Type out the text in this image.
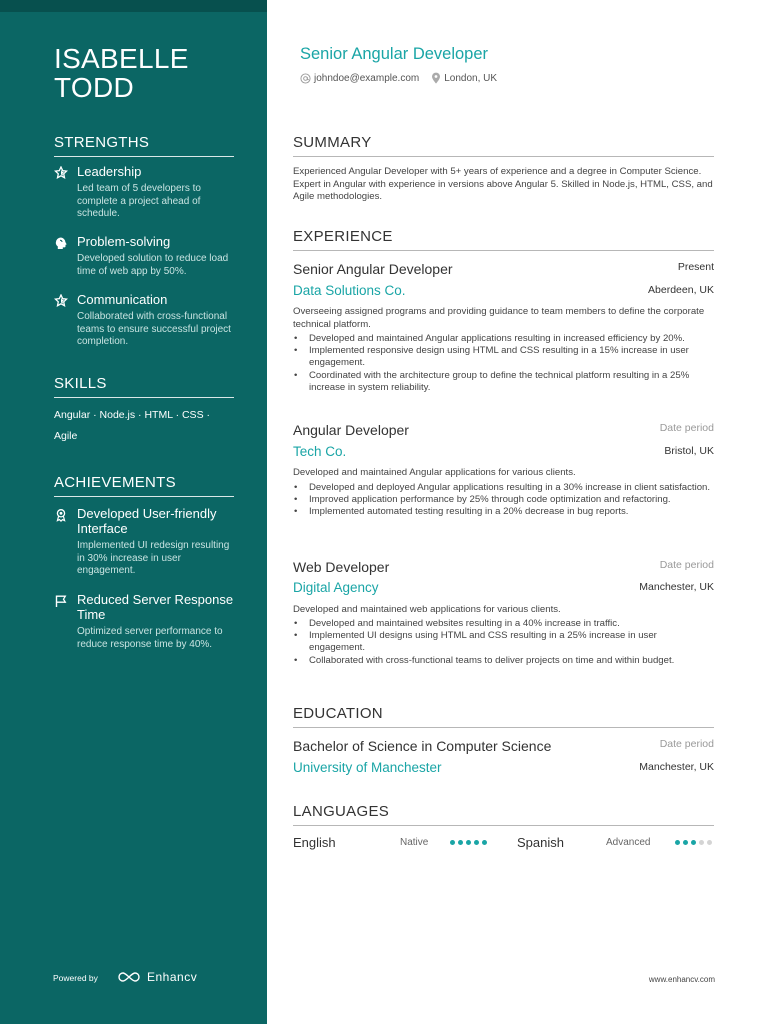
ISABELLE TODD
STRENGTHS
Leadership
Led team of 5 developers to complete a project ahead of schedule.
Problem-solving
Developed solution to reduce load time of web app by 50%.
Communication
Collaborated with cross-functional teams to ensure successful project completion.
SKILLS
Angular · Node.js · HTML · CSS · Agile
ACHIEVEMENTS
Developed User-friendly Interface
Implemented UI redesign resulting in 30% increase in user engagement.
Reduced Server Response Time
Optimized server performance to reduce response time by 40%.
Powered by	Enhancv
Senior Angular Developer
johndoe@example.com	London, UK
SUMMARY
Experienced Angular Developer with 5+ years of experience and a degree in Computer Science. Expert in Angular with experience in versions above Angular 5. Skilled in Node.js, HTML, CSS, and Agile methodologies.
EXPERIENCE
Senior Angular Developer	Present
Data Solutions Co.	Aberdeen, UK
Overseeing assigned programs and providing guidance to team members to define the corporate technical platform.
• Developed and maintained Angular applications resulting in increased efficiency by 20%.
• Implemented responsive design using HTML and CSS resulting in a 15% increase in user engagement.
• Coordinated with the architecture group to define the technical platform resulting in a 25% increase in system reliability.
Angular Developer	Date period
Tech Co.	Bristol, UK
Developed and maintained Angular applications for various clients.
• Developed and deployed Angular applications resulting in a 30% increase in client satisfaction.
• Improved application performance by 25% through code optimization and refactoring.
• Implemented automated testing resulting in a 20% decrease in bug reports.
Web Developer	Date period
Digital Agency	Manchester, UK
Developed and maintained web applications for various clients.
• Developed and maintained websites resulting in a 40% increase in traffic.
• Implemented UI designs using HTML and CSS resulting in a 25% increase in user engagement.
• Collaborated with cross-functional teams to deliver projects on time and within budget.
EDUCATION
Bachelor of Science in Computer Science	Date period
University of Manchester	Manchester, UK
LANGUAGES
English	Native	Spanish	Advanced
www.enhancv.com
